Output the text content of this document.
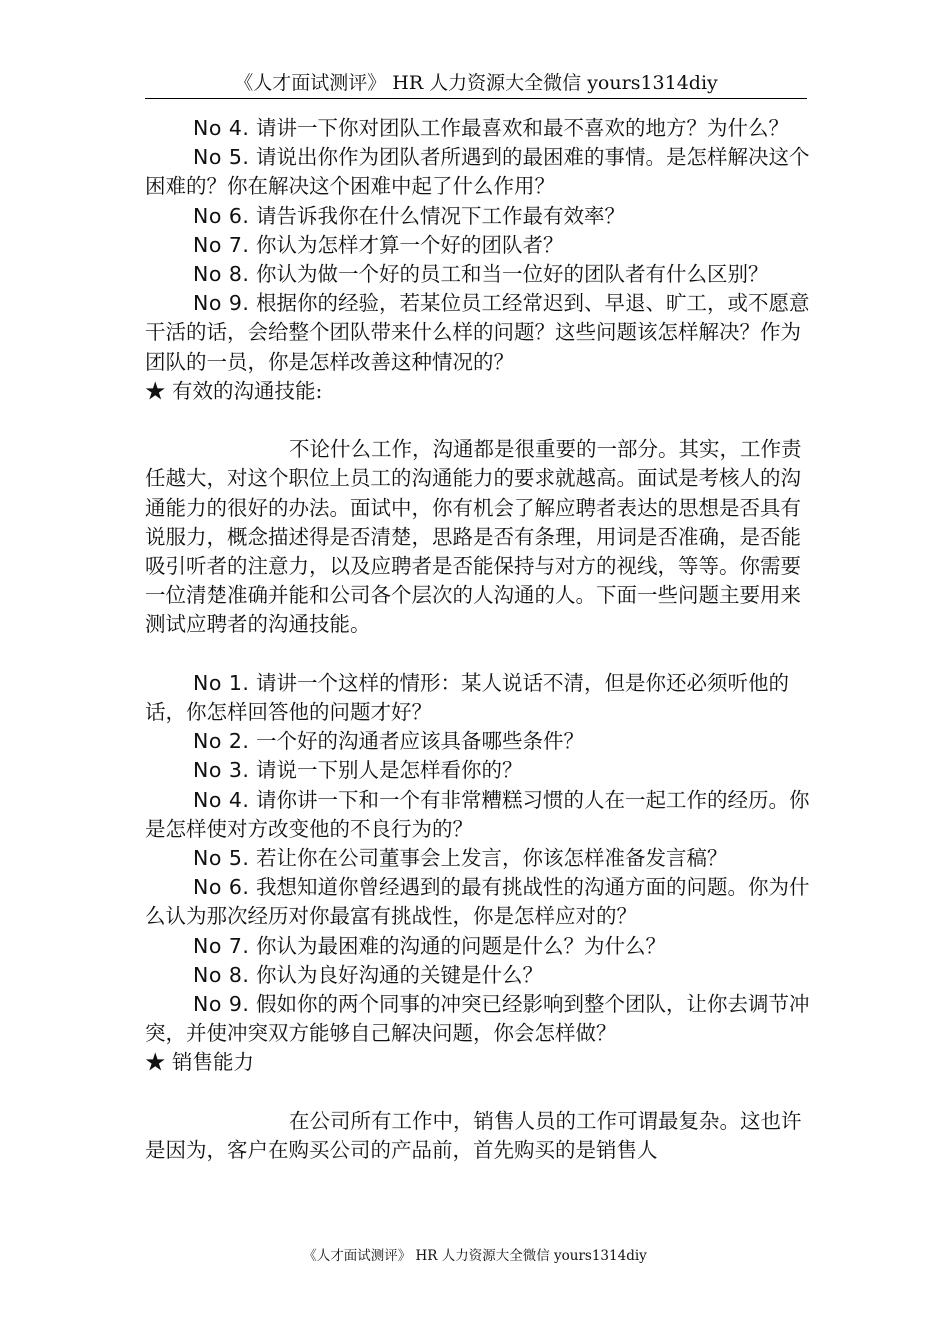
《人才面试测评》 HR 人力资源大全微信 yours1314diy

No 4. 请讲一下你对团队工作最喜欢和最不喜欢的地方？为什么？

No 5. 请说出你作为团队者所遇到的最困难的事情。是怎样解决这个困难的？你在解决这个困难中起了什么作用？

No 6. 请告诉我你在什么情况下工作最有效率？

No 7. 你认为怎样才算一个好的团队者？

No 8. 你认为做一个好的员工和当一位好的团队者有什么区别？

No 9. 根据你的经验，若某位员工经常迟到、早退、旷工，或不愿意干活的话，会给整个团队带来什么样的问题？这些问题该怎样解决？作为团队的一员，你是怎样改善这种情况的？

★ 有效的沟通技能:

不论什么工作，沟通都是很重要的一部分。其实，工作责任越大，对这个职位上员工的沟通能力的要求就越高。面试是考核人的沟通能力的很好的办法。面试中，你有机会了解应聘者表达的思想是否具有说服力，概念描述得是否清楚，思路是否有条理，用词是否准确，是否能吸引听者的注意力，以及应聘者是否能保持与对方的视线，等等。你需要一位清楚准确并能和公司各个层次的人沟通的人。下面一些问题主要用来测试应聘者的沟通技能。

No 1. 请讲一个这样的情形：某人说话不清，但是你还必须听他的话，你怎样回答他的问题才好？

No 2. 一个好的沟通者应该具备哪些条件？

No 3. 请说一下别人是怎样看你的？

No 4. 请你讲一下和一个有非常糟糕习惯的人在一起工作的经历。你是怎样使对方改变他的不良行为的？

No 5. 若让你在公司董事会上发言，你该怎样准备发言稿？

No 6. 我想知道你曾经遇到的最有挑战性的沟通方面的问题。你为什么认为那次经历对你最富有挑战性，你是怎样应对的？

No 7. 你认为最困难的沟通的问题是什么？为什么？

No 8. 你认为良好沟通的关键是什么？

No 9. 假如你的两个同事的冲突已经影响到整个团队，让你去调节冲突，并使冲突双方能够自己解决问题，你会怎样做？

★ 销售能力

在公司所有工作中，销售人员的工作可谓最复杂。这也许是因为，客户在购买公司的产品前，首先购买的是销售人

《人才面试测评》 HR 人力资源大全微信 yours1314diy
